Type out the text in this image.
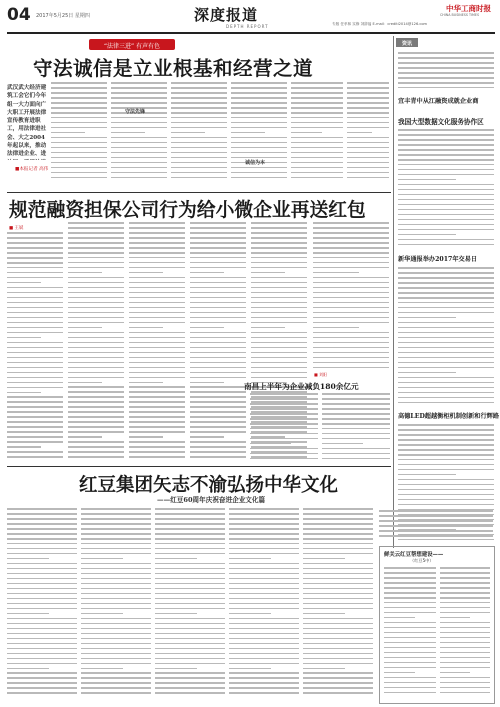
04 2017年5月25日 星期四	深度报道
DEPTH REPORT
中华工商时报
CHINA BUSINESS TIMES
专版 任孝林 实修 刘辞福 E-mail：crediti2014@126.com
“法律三进” 有声有色
守法诚信是立业根基和经营之道
武汉武大经济建筑工会它们今年组一大力面向广大职工开展法律宣传教育进职工，用法律进社会、大之2004年起以来，推动法律进企业、进
■本报记者 高伟
守法先锋
诚信为本
规范融资担保公司行为给小微企业再送红包
■ 王斌
■ 刘阳
南昌上半年为企业减负180余亿元
资讯
宜丰青中从江融资成就企业商
我国大型数据文化服务协作区
新华通报举办2017年交易日
高德LED超越衡柜机制创新和行辉路
红豆集团矢志不渝弘扬中华文化
——红豆60周年庆祝奋进企业文化篇
鲜关云红豆帮想建设——
（红豆5中）
